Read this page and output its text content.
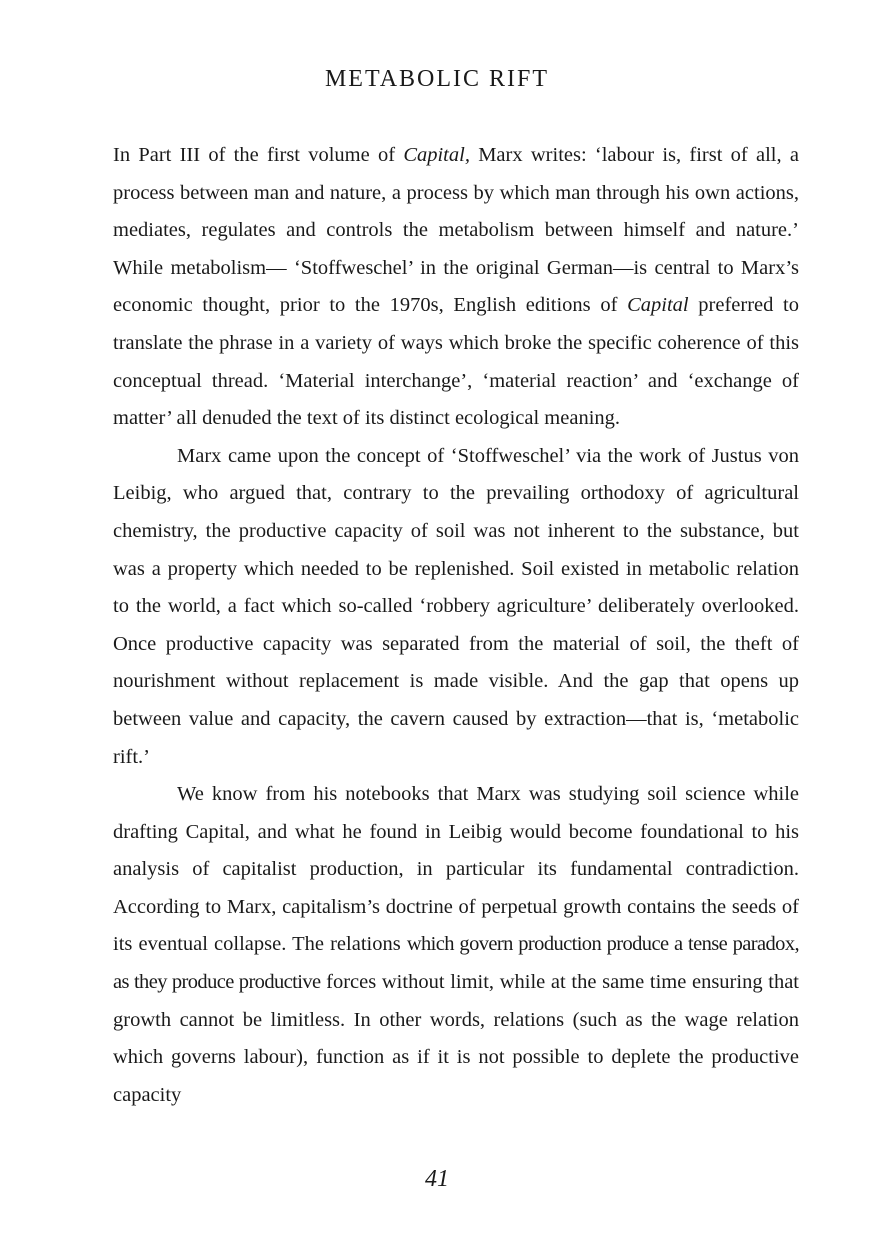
METABOLIC RIFT

In Part III of the first volume of Capital, Marx writes: ‘labour is, first of all, a process between man and nature, a process by which man through his own actions, mediates, regulates and controls the metabolism between himself and nature.’ While metabolism— ‘Stoffweschel’ in the original German—is central to Marx’s economic thought, prior to the 1970s, English editions of Capital preferred to translate the phrase in a variety of ways which broke the specific coherence of this conceptual thread. ‘Material interchange’, ‘material reaction’ and ‘exchange of matter’ all denuded the text of its distinct ecological meaning.

Marx came upon the concept of ‘Stoffweschel’ via the work of Justus von Leibig, who argued that, contrary to the prevailing orthodoxy of agricultural chemistry, the productive capacity of soil was not inherent to the substance, but was a property which needed to be replenished. Soil existed in metabolic relation to the world, a fact which so-called ‘robbery agriculture’ deliberately overlooked. Once productive capacity was separated from the material of soil, the theft of nourishment without replacement is made visible. And the gap that opens up between value and capacity, the cavern caused by extraction—that is, ‘metabolic rift.’

We know from his notebooks that Marx was studying soil science while drafting Capital, and what he found in Leibig would become foundational to his analysis of capitalist production, in particular its fundamental contradiction. According to Marx, capitalism’s doctrine of perpetual growth contains the seeds of its eventual collapse. The relations which govern production produce a tense paradox, as they produce productive forces without limit, while at the same time ensuring that growth cannot be limitless. In other words, relations (such as the wage relation which governs labour), function as if it is not possible to deplete the productive capacity

41
